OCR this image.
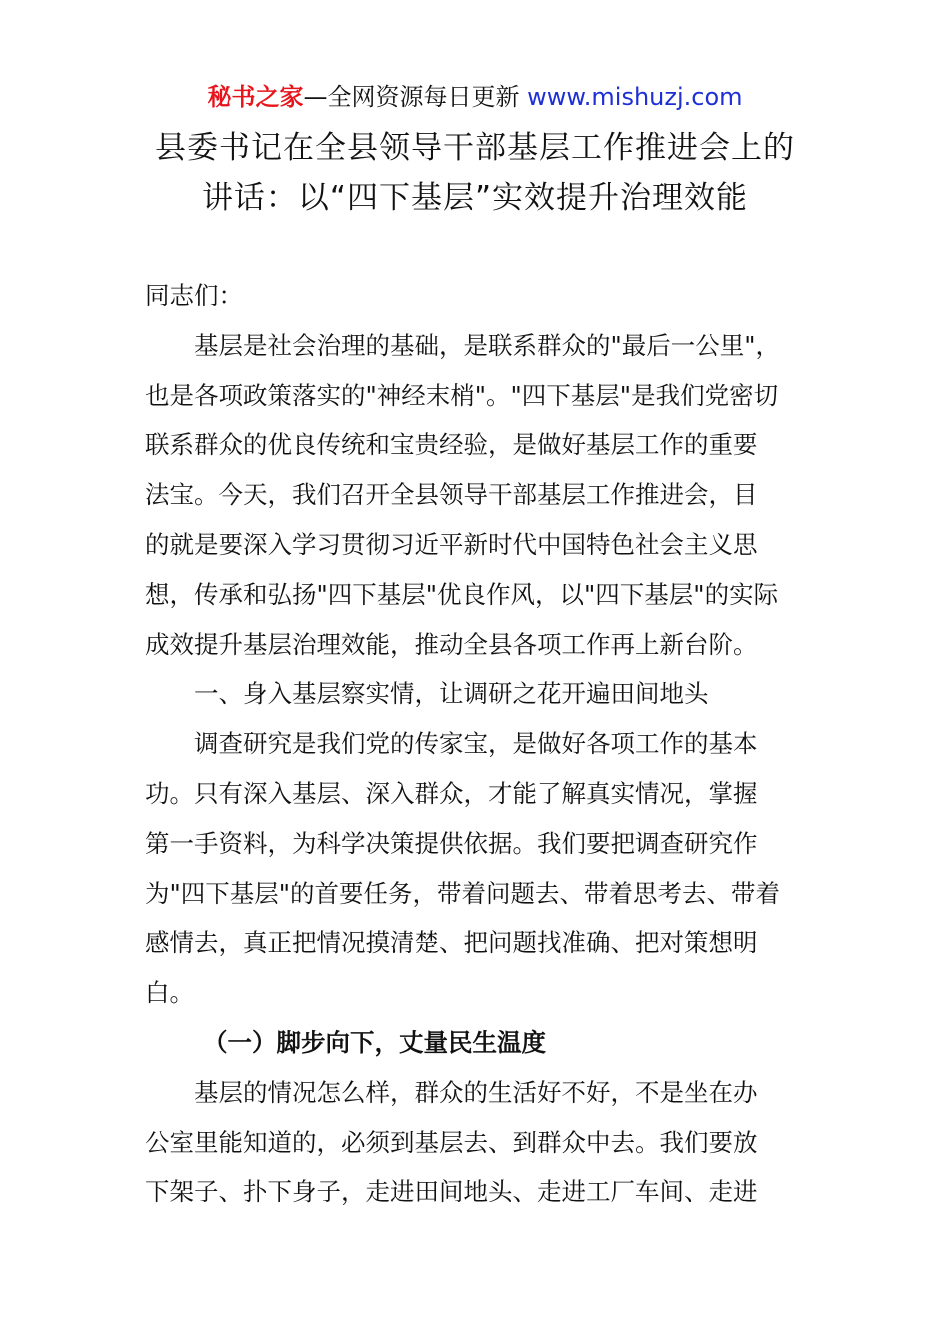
秘书之家—全网资源每日更新 www.mishuzj.com
县委书记在全县领导干部基层工作推进会上的
讲话：以“四下基层”实效提升治理效能

同志们：

基层是社会治理的基础，是联系群众的"最后一公里"，
也是各项政策落实的"神经末梢"。"四下基层"是我们党密切
联系群众的优良传统和宝贵经验，是做好基层工作的重要
法宝。今天，我们召开全县领导干部基层工作推进会，目
的就是要深入学习贯彻习近平新时代中国特色社会主义思
想，传承和弘扬"四下基层"优良作风，以"四下基层"的实际
成效提升基层治理效能，推动全县各项工作再上新台阶。

一、身入基层察实情，让调研之花开遍田间地头

调查研究是我们党的传家宝，是做好各项工作的基本
功。只有深入基层、深入群众，才能了解真实情况，掌握
第一手资料，为科学决策提供依据。我们要把调查研究作
为"四下基层"的首要任务，带着问题去、带着思考去、带着
感情去，真正把情况摸清楚、把问题找准确、把对策想明
白。

（一）脚步向下，丈量民生温度

基层的情况怎么样，群众的生活好不好，不是坐在办
公室里能知道的，必须到基层去、到群众中去。我们要放
下架子、扑下身子，走进田间地头、走进工厂车间、走进
